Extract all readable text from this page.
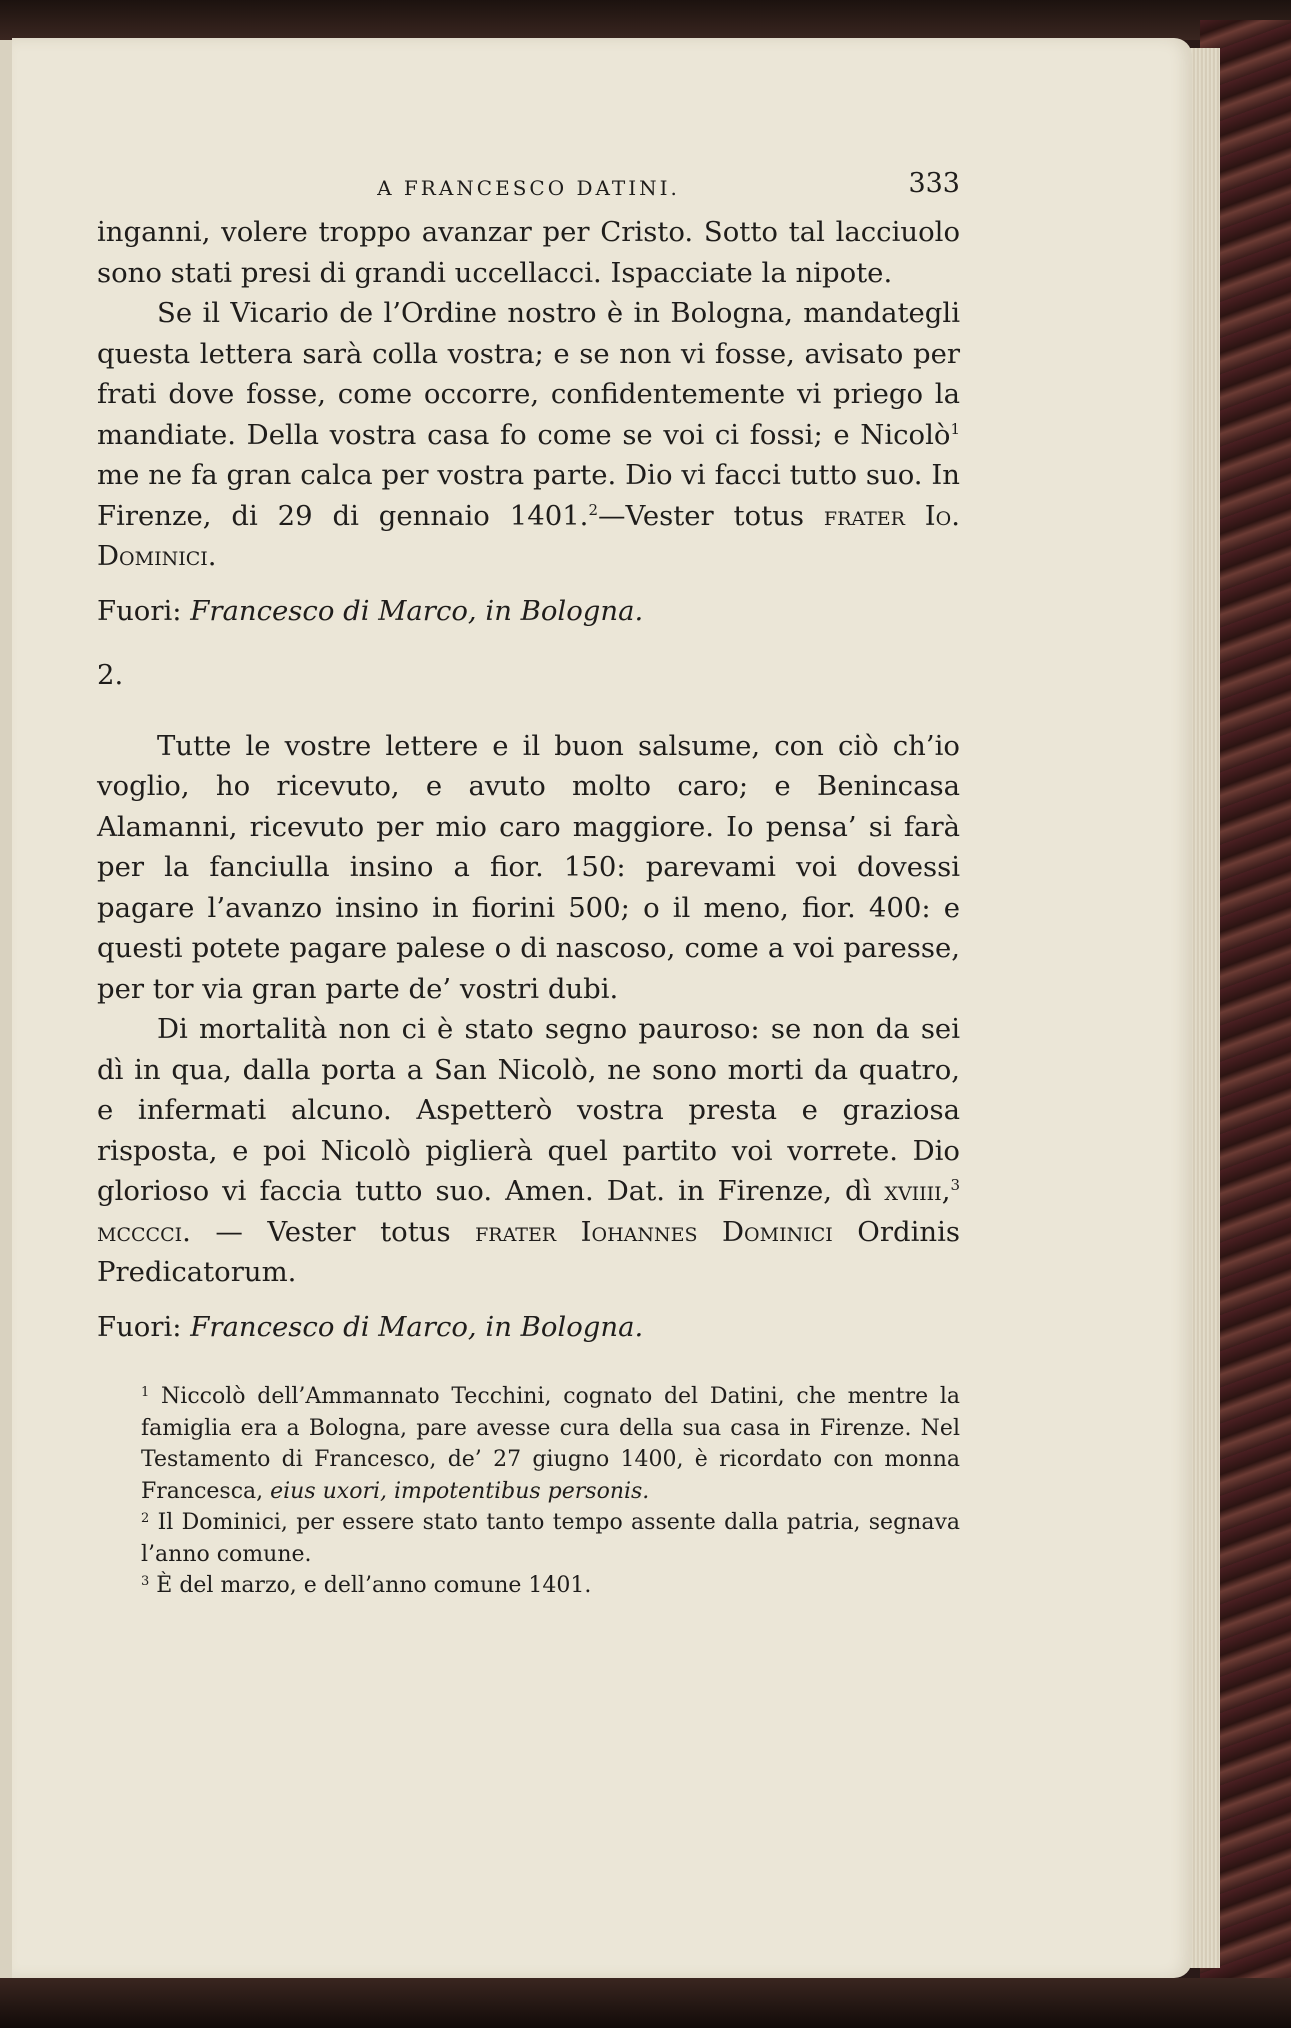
A FRANCESCO DATINI.	333

inganni, volere troppo avanzar per Cristo. Sotto tal lacciuolo sono stati presi di grandi uccellacci. Ispacciate la nipote.

Se il Vicario de l’Ordine nostro è in Bologna, mandategli questa lettera sarà colla vostra; e se non vi fosse, avisato per frati dove fosse, come occorre, confidentemente vi priego la mandiate. Della vostra casa fo come se voi ci fossi; e Nicolò$^1$ me ne fa gran calca per vostra parte. Dio vi facci tutto suo. In Firenze, di 29 di gennaio 1401.$^2$—Vester totus frater Io. Dominici.

Fuori: Francesco di Marco, in Bologna.

2.

Tutte le vostre lettere e il buon salsume, con ciò ch’io voglio, ho ricevuto, e avuto molto caro; e Benincasa Alamanni, ricevuto per mio caro maggiore. Io pensa’ si farà per la fanciulla insino a fior. 150: parevami voi dovessi pagare l’avanzo insino in fiorini 500; o il meno, fior. 400: e questi potete pagare palese o di nascoso, come a voi paresse, per tor via gran parte de’ vostri dubi.

Di mortalità non ci è stato segno pauroso: se non da sei dì in qua, dalla porta a San Nicolò, ne sono morti da quatro, e infermati alcuno. Aspetterò vostra presta e graziosa risposta, e poi Nicolò piglierà quel partito voi vorrete. Dio glorioso vi faccia tutto suo. Amen. Dat. in Firenze, dì xviiii,$^3$ mcccci. — Vester totus frater Iohannes Dominici Ordinis Predicatorum.

Fuori: Francesco di Marco, in Bologna.

$^1$ Niccolò dell’Ammannato Tecchini, cognato del Datini, che mentre la famiglia era a Bologna, pare avesse cura della sua casa in Firenze. Nel Testamento di Francesco, de’ 27 giugno 1400, è ricordato con monna Francesca, eius uxori, impotentibus personis.

$^2$ Il Dominici, per essere stato tanto tempo assente dalla patria, segnava l’anno comune.

$^3$ È del marzo, e dell’anno comune 1401.
